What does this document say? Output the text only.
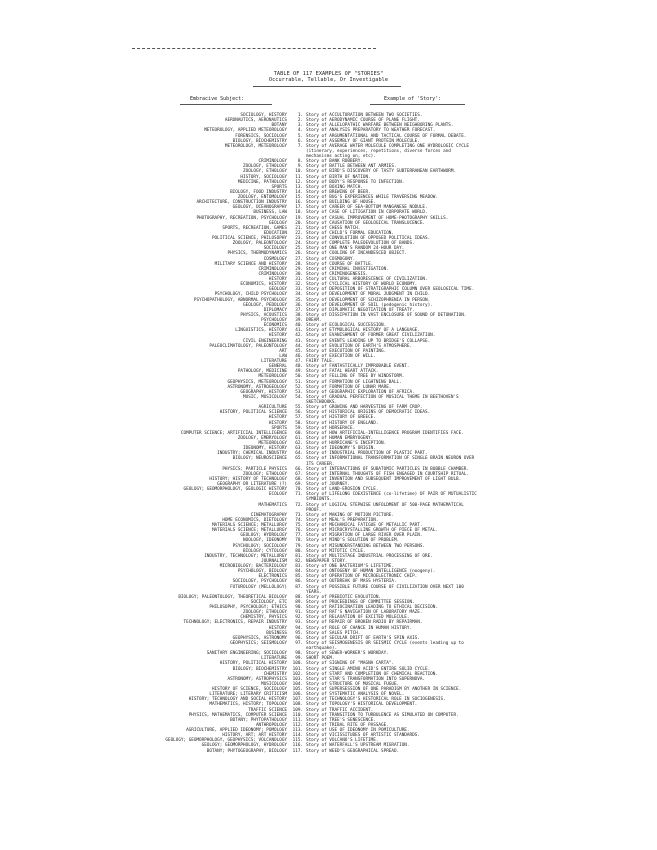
TABLE OF 117 EXAMPLES OF "STORIES"
Occurrable, Tellable, Or Investigable
Embracive Subject:	Example of 'Story':
SOCIOLOGY, HISTORY	1. Story of ACCULTURATION BETWEEN TWO SOCIETIES.
AERONAUTICS, AERONAUTICS	2. Story of AERODYNAMIC COURSE OF PLANE FLIGHT.
BOTANY	3. Story of ALLELOPATHIC WARFARE BETWEEN NEIGHBORING PLANTS.
METEOROLOGY, APPLIED METEOROLOGY	4. Story of ANALYSIS PREPARATORY TO WEATHER FORECAST.
FORENSICS, SOCIOLOGY	5. Story of ARGUMENTATIONAL AND TACTICAL COURSE OF FORMAL DEBATE.
BIOLOGY, BIOCHEMISTRY	6. Story of ASSEMBLY OF GIANT PROTEIN MOLECULE.
METEOROLOGY, METEOROLOGY	7. Story of AVERAGE WATER MOLECULE COMPLETING ONE HYDROLOGIC CYCLE
(itinerary, experiences, repetitions, diverse forces and
mechanisms acting on, etc).
CRIMINOLOGY	8. Story of BANK ROBBERY.
ZOOLOGY, ETHOLOGY	9. Story of BATTLE BETWEEN ANT ARMIES.
ZOOLOGY, ETHOLOGY	10. Story of BIRD'S DISCOVERY OF TASTY SUBTERRANEAN EARTHWORM.
HISTORY, SOCIOLOGY	11. Story of BIRTH OF NATION.
MEDICINE, PATHOLOGY	12. Story of BODY'S RESPONSE TO INFECTION.
SPORTS	13. Story of BOXING MATCH.
BIOLOGY, FOOD INDUSTRY	14. Story of BREWING OF BEER.
ZOOLOGY, ENTOMOLOGY	15. Story of BUG'S EXPERIENCES WHILE TRAVERSING MEADOW.
ARCHITECTURE, CONSTRUCTION INDUSTRY	16. Story of BUILDING OF HOUSE.
GEOLOGY, OCEANOGRAPHY	17. Story of CAREER OF SEA-BOTTOM MANGANESE NODULE.
BUSINESS, LAW	18. Story of CASE OF LITIGATION IN CORPORATE WORLD.
PHOTOGRAPHY, RECREATION, PSYCHOLOGY	19. Story of CASUAL IMPROVEMENT OF HOME-PHOTOGRAPHY SKILLS.
GEOLOGY	20. Story of CAUSATION OF GEOLOGICAL TRANSLUCENCE.
SPORTS, RECREATION, GAMES	21. Story of CHESS MATCH.
EDUCATION	22. Story of CHILD'S FORMAL EDUCATION.
POLITICAL SCIENCE, PHILOSOPHY	23. Story of CONVOLUTION OF OPPOSED POLITICAL IDEAS.
ZOOLOGY, PALEONTOLOGY	24. Story of COMPLETE PALEOEVOLUTION OF BANDS.
SOCIOLOGY	25. Story of ONE MAN'S RANDOM 24-HOUR DAY.
PHYSICS, THERMODYNAMICS	26. Story of COOLING OF INCANDESCED OBJECT.
COSMOLOGY	27. Story of COSMOGONY.
MILITARY SCIENCE AND HISTORY	28. Story of COURSE OF BATTLE.
CRIMINOLOGY	29. Story of CRIMINAL INVESTIGATION.
CRIMINOLOGY	30. Story of CRIMINOGENESIS.
HISTORY	31. Story of CULTURAL ARBORESCENCE OF CIVILIZATION.
ECONOMICS, HISTORY	32. Story of CYCLICAL HISTORY OF WORLD ECONOMY.
GEOLOGY	33. Story of DEPOSITION OF STRATIGRAPHIC COLUMN OVER GEOLOGICAL TIME.
PSYCHOLOGY, CHILD PSYCHOLOGY	34. Story of DEVELOPMENT OF MORAL JUDGMENT IN CHILD.
PSYCHOPATHOLOGY, ABNORMAL PSYCHOLOGY	35. Story of DEVELOPMENT OF SCHIZOPHRENIA IN PERSON.
GEOLOGY, PEDOLOGY	36. Story of DEVELOPMENT OF SOIL (pedogenic history).
DIPLOMACY	37. Story of DIPLOMATIC NEGOTIATION OF TREATY.
PHYSICS, ACOUSTICS	38. Story of DISSIPATION IN VAST ENCLOSURE OF SOUND OF DETONATION.
PSYCHOLOGY	39. DREAM.
ECONOMICS	40. Story of ECOLOGICAL SUCCESSION.
LINGUISTICS, HISTORY	41. Story of ETYMOLOGICAL HISTORY OF A LANGUAGE.
HISTORY	42. Story of EVANISHMENT OF FORMER GREAT CIVILIZATION.
CIVIL ENGINEERING	43. Story of EVENTS LEADING UP TO BRIDGE'S COLLAPSE.
PALEOCLIMATOLOGY, PALEONTOLOGY	44. Story of EVOLUTION OF EARTH'S ATMOSPHERE.
ART	45. Story of EXECUTION OF PAINTING.
LAW	46. Story of EXECUTION OF WILL.
LITERATURE	47. FAIRY TALE.
GENERAL	48. Story of FANTASTICALLY IMPROBABLE EVENT.
PATHOLOGY, MEDICINE	49. Story of FATAL HEART ATTACK.
METEOROLOGY	50. Story of FELLING OF TREE BY WINDSTORM.
GEOPHYSICS, METEOROLOGY	51. Story of FORMATION OF LIGHTNING BALL.
ASTRONOMY, ASTROGEOLOGY	52. Story of FORMATION OF LUNAR MARE.
GEOGRAPHY, HISTORY	53. Story of GEOGRAPHIC EXPLORATION OF AFRICA.
MUSIC, MUSICOLOGY	54. Story of GRADUAL PERFECTION OF MUSICAL THEME IN BEETHOVEN'S
SKETCHBOOKS.
AGRICULTURE	55. Story of GROWING AND HARVESTING OF FARM CROP.
HISTORY, POLITICAL SCIENCE	56. Story of HISTORICAL ORIGINS OF DEMOCRATIC IDEAS.
HISTORY	57. Story of HISTORY OF GREECE.
HISTORY	58. Story of HISTORY OF ENGLAND.
SPORTS	59. Story of HORSERACE.
COMPUTER SCIENCE; ARTIFICIAL INTELLIGENCE	60. Story of HOW ARTIFICIAL-INTELLIGENCE PROGRAM IDENTIFIES FACE.
ZOOLOGY, EMBRYOLOGY	61. Story of HUMAN EMBRYOGENY.
METEOROLOGY	62. Story of HURRICANE'S INCEPTION.
IDEONOMY, HISTORY	63. Story of IDEONOMY'S ORIGIN.
INDUSTRY; CHEMICAL INDUSTRY	64. Story of INDUSTRIAL PRODUCTION OF PLASTIC PART.
BIOLOGY; NEUROSCIENCE	65. Story of INFORMATIONAL TRANSFORMATION OF SINGLE BRAIN NEURON OVER
ITS CAREER.
PHYSICS; PARTICLE PHYSICS	66. Story of INTERACTIONS OF SUBATOMIC PARTICLES IN BUBBLE CHAMBER.
ZOOLOGY; ETHOLOGY	67. Story of INTERNAL THOUGHTS OF FISH ENGAGED IN COURTSHIP RITUAL.
HISTORY; HISTORY OF TECHNOLOGY	68. Story of INVENTION AND SUBSEQUENT IMPROVEMENT OF LIGHT BULB.
GEOGRAPHY OR LITERATURE (?)	69. Story of JOURNEY.
GEOLOGY; GEOMORPHOLOGY, GEOLOGIC HISTORY	70. Story of LAND-EROSION CYCLE.
ECOLOGY	71. Story of LIFELONG COEXISTENCE (co-lifetime) OF PAIR OF MUTUALISTIC
SYMBIONTS.
MATHEMATICS	72. Story of LOGICAL STEPWISE UNFOLDMENT OF 500-PAGE MATHEMATICAL
PROOF.
CINEMATOGRAPHY	73. Story of MAKING OF MOTION PICTURE.
HOME ECONOMICS, DIETOLOGY	74. Story of MEAL'S PREPARATION.
MATERIALS SCIENCE; METALLURGY	75. Story of MECHANICAL FATIGUE OF METALLIC PART.
MATERIALS SCIENCE; METALLURGY	76. Story of MICROCRYSTALLINE GROWTH OF PIECE OF METAL.
GEOLOGY; HYDROLOGY	77. Story of MIGRATION OF LARGE RIVER OVER PLAIN.
NOOLOGY, IDEONOMY	78. Story of MIND'S SOLUTION OF PROBLEM.
PSYCHOLOGY; SOCIOLOGY	79. Story of MISUNDERSTANDING BETWEEN TWO PERSONS.
BIOLOGY; CYTOLOGY	80. Story of MITOTIC CYCLE.
INDUSTRY, TECHNOLOGY; METALLURGY	81. Story of MULTISTAGE INDUSTRIAL PROCESSING OF ORE.
JOURNALISM	82. NEWSPAPER STORY.
MICROBIOLOGY; BACTERIOLOGY	83. Story of ONE BACTERIUM'S LIFETIME.
PSYCHOLOGY, BIOLOGY	84. Story of ONTOGENY OF HUMAN INTELLIGENCE (noogeny).
ELECTRONICS	85. Story of OPERATION OF MICROELECTRONIC CHIP.
SOCIOLOGY, PSYCHOLOGY	86. Story of OUTBREAK OF MASS HYSTERIA.
FUTUROLOGY (MELLOLOGY)	87. Story of POSSIBLE FUTURE COURSE OF CIVILIZATION OVER NEXT 100
YEARS.
BIOLOGY; PALEONTOLOGY, THEORETICAL BIOLOGY	88. Story of PREBIOTIC EVOLUTION.
SOCIOLOGY, ETC	89. Story of PROCEEDINGS OF COMMITTEE SESSION.
PHILOSOPHY, PSYCHOLOGY; ETHICS	90. Story of RATIOCINATION LEADING TO ETHICAL DECISION.
ZOOLOGY; ETHOLOGY	91. Story of RAT'S NAVIGATION OF LABORATORY MAZE.
CHEMISTRY, PHYSICS	92. Story of RELAXATION OF EXCITED MOLECULE.
TECHNOLOGY; ELECTRONICS, REPAIR INDUSTRY	93. Story of REPAIR OF BROKEN RADIO BY REPAIRMAN.
HISTORY	94. Story of ROLE OF CHANCE IN HUMAN HISTORY.
BUSINESS	95. Story of SALES PITCH.
GEOPHYSICS, ASTRONOMY	96. Story of SECULAR DRIFT OF EARTH'S SPIN AXIS.
GEOPHYSICS; SEISMOLOGY	97. Story of SEISMOGENESIS OR SEISMIC CYCLE (events leading up to
earthquake).
SANITARY ENGINEERING; SOCIOLOGY	98. Story of SEWER-WORKER'S WORKDAY.
LITERATURE	99. SHORT POEM.
HISTORY, POLITICAL HISTORY	100. Story of SIGNING OF "MAGNA CARTA".
BIOLOGY; BIOCHEMISTRY	101. Story of SINGLE AMINO ACID'S ENTIRE SOLID CYCLE.
CHEMISTRY	102. Story of START AND COMPLETION OF CHEMICAL REACTION.
ASTRONOMY; ASTROPHYSICS	103. Story of STAR'S TRANSFORMATION INTO SUPERNOVA.
MUSICOLOGY	104. Story of STRUCTURE OF MUSICAL FUGUE.
HISTORY OF SCIENCE, SOCIOLOGY	105. Story of SUPERSESSION OF ONE PARADIGM BY ANOTHER IN SCIENCE.
LITERATURE; LITERARY CRITICISM	106. Story of SYSTEMATIC ANALYSIS OF NOVEL.
HISTORY; TECHNOLOGY AND SOCIAL HISTORY	107. Story of TECHNOLOGY'S HISTORICAL ROLE IN SOCIOGENESIS.
MATHEMATICS, HISTORY; TOPOLOGY	108. Story of TOPOLOGY'S HISTORICAL DEVELOPMENT.
TRAFFIC SCIENCE	109. Story of TRAFFIC ACCIDENT.
PHYSICS, MATHEMATICS, COMPUTER SCIENCE	110. Story of TRANSITION TO TURBULENCE AS SIMULATED ON COMPUTER.
BOTANY; PHYTOPATHOLOGY	111. Story of TREE'S SENESCENCE.
ANTHROPOLOGY	112. Story of TRIBAL RITE OF PASSAGE.
AGRICULTURE, APPLIED IDEONOMY; POMOLOGY	113. Story of USE OF IDEONOMY IN POMICULTURE.
HISTORY, ART; ART HISTORY	114. Story of VICISSITUDES OF ARTISTIC STANDARDS.
GEOLOGY; GEOMORPHOLOGY, GEOPHYSICS; VOLCANOLOGY	115. Story of VOLCANO'S LIFETIME.
GEOLOGY; GEOMORPHOLOGY, HYDROLOGY	116. Story of WATERFALL'S UPSTREAM MIGRATION.
BOTANY; PHYTOGEOGRAPHY, BIOLOGY	117. Story of WEED'S GEOGRAPHICAL SPREAD.
